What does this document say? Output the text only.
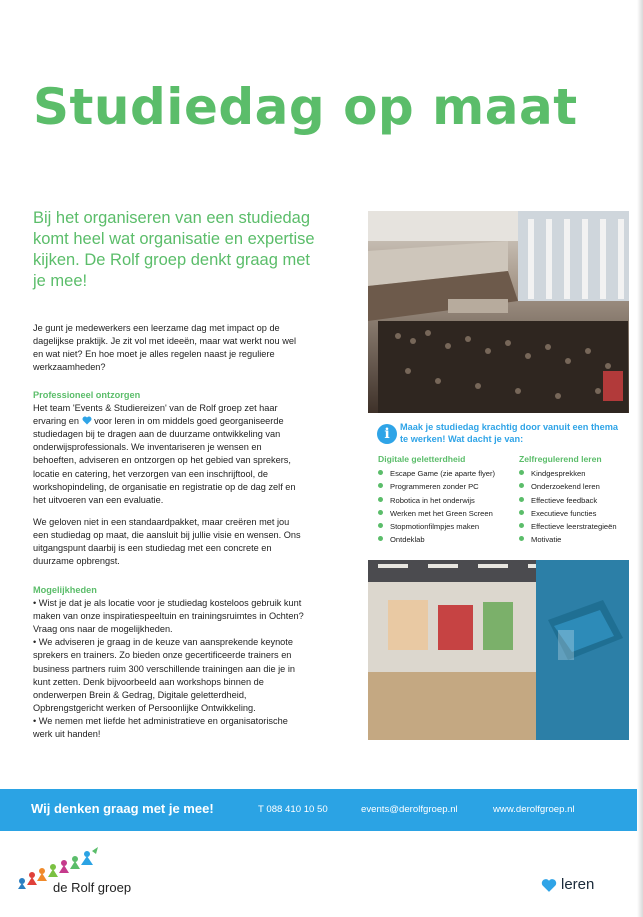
Studiedag op maat

Bij het organiseren van een studiedag komt heel wat organisatie en expertise kijken. De Rolf groep denkt graag met je mee!

Je gunt je medewerkers een leerzame dag met impact op de dagelijkse praktijk. Je zit vol met ideeën, maar wat werkt nou wel en wat niet? En hoe moet je alles regelen naast je reguliere werkzaamheden?

Professioneel ontzorgen

Het team 'Events & Studiereizen' van de Rolf groep zet haar ervaring en voor leren in om middels goed georganiseerde studiedagen bij te dragen aan de duurzame ontwikkeling van onderwijsprofessionals. We inventariseren je wensen en behoeften, adviseren en ontzorgen op het gebied van sprekers, locatie en catering, het verzorgen van een inschrijftool, de workshopindeling, de organisatie en registratie op de dag zelf en het uitvoeren van een evaluatie.

We geloven niet in een standaardpakket, maar creëren met jou een studiedag op maat, die aansluit bij jullie visie en wensen. Ons uitgangspunt daarbij is een studiedag met een concrete en duurzame opbrengst.

Mogelijkheden

• Wist je dat je als locatie voor je studiedag kosteloos gebruik kunt maken van onze inspiratiespeeltuin en trainingsruimtes in Ochten? Vraag ons naar de mogelijkheden.

• We adviseren je graag in de keuze van aansprekende keynote sprekers en trainers. Zo bieden onze gecertificeerde trainers en business partners ruim 300 verschillende trainingen aan die je in kunt zetten. Denk bijvoorbeeld aan workshops binnen de onderwerpen Brein & Gedrag, Digitale geletterdheid, Opbrengstgericht werken of Persoonlijke Ontwikkeling.

• We nemen met liefde het administratieve en organisatorische werk uit handen!

i	Maak je studiedag krachtig door vanuit een thema te werken! Wat dacht je van:
Digitale geletterdheid
Escape Game (zie aparte flyer)
Programmeren zonder PC
Robotica in het onderwijs
Werken met het Green Screen
Stopmotionfilmpjes maken
Ontdeklab
Zelfregulerend leren
Kindgesprekken
Onderzoekend leren
Effectieve feedback
Executieve functies
Effectieve leerstrategieën
Motivatie
Wij denken graag met je mee!	T 088 410 10 50	events@derolfgroep.nl	www.derolfgroep.nl
de Rolf groep	leren
